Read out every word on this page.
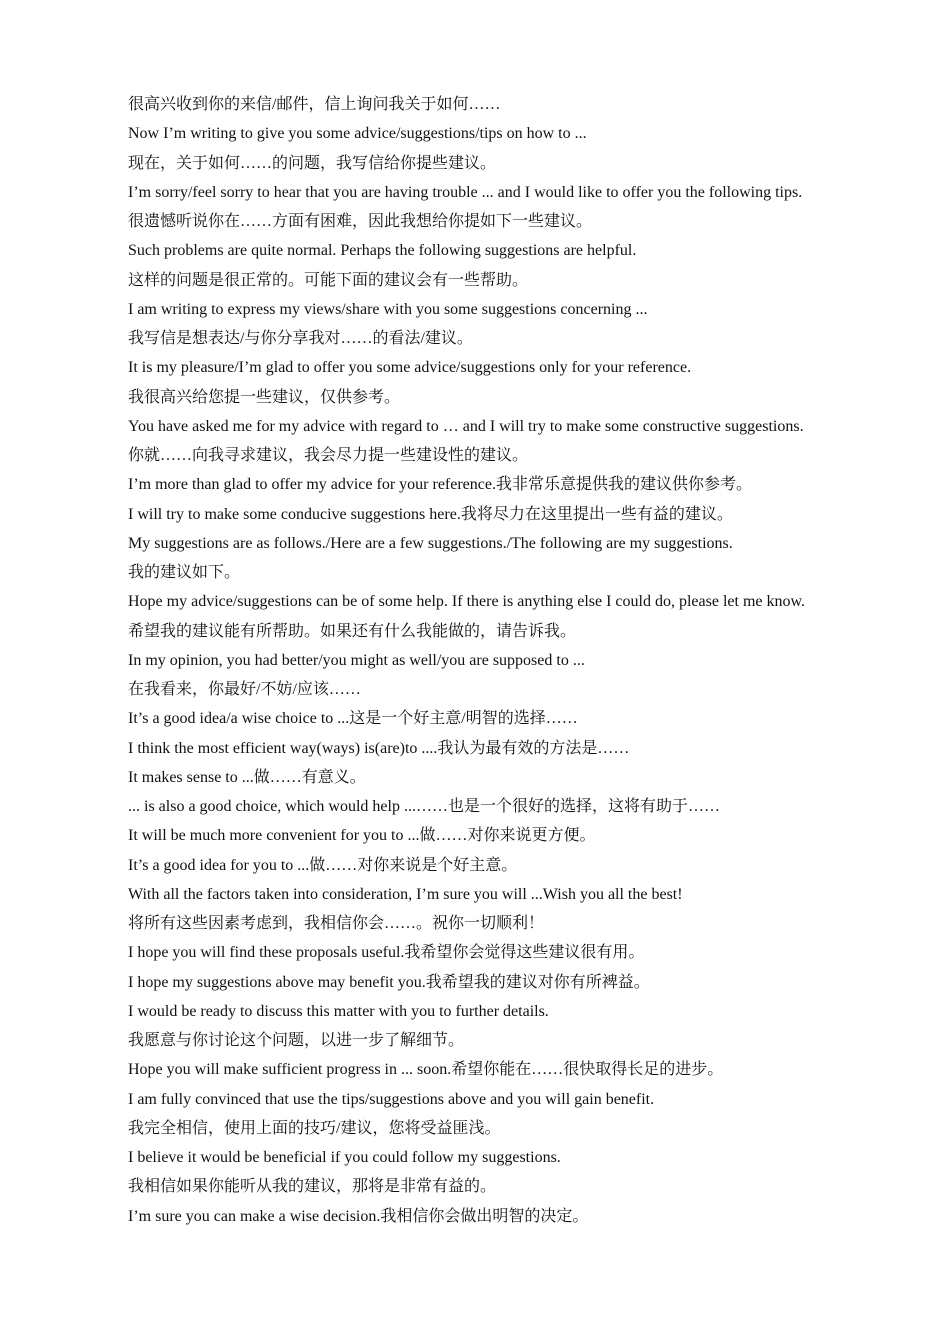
很高兴收到你的来信/邮件，信上询问我关于如何……
Now I’m writing to give you some advice/suggestions/tips on how to ...
现在，关于如何……的问题，我写信给你提些建议。
I’m sorry/feel sorry to hear that you are having trouble ... and I would like to offer you the following tips.
很遗憾听说你在……方面有困难，因此我想给你提如下一些建议。
Such problems are quite normal. Perhaps the following suggestions are helpful.
这样的问题是很正常的。可能下面的建议会有一些帮助。
I am writing to express my views/share with you some suggestions concerning ...
我写信是想表达/与你分享我对……的看法/建议。
It is my pleasure/I’m glad to offer you some advice/suggestions only for your reference.
我很高兴给您提一些建议，仅供参考。
You have asked me for my advice with regard to … and I will try to make some constructive suggestions.
你就……向我寻求建议，我会尽力提一些建设性的建议。
I’m more than glad to offer my advice for your reference.我非常乐意提供我的建议供你参考。
I will try to make some conducive suggestions here.我将尽力在这里提出一些有益的建议。
My suggestions are as follows./Here are a few suggestions./The following are my suggestions.
我的建议如下。
Hope my advice/suggestions can be of some help. If there is anything else I could do, please let me know.
希望我的建议能有所帮助。如果还有什么我能做的，请告诉我。
In my opinion, you had better/you might as well/you are supposed to ...
在我看来，你最好/不妨/应该……
It’s a good idea/a wise choice to ...这是一个好主意/明智的选择……
I think the most efficient way(ways) is(are)to ....我认为最有效的方法是……
It makes sense to ...做……有意义。
... is also a good choice, which would help ...……也是一个很好的选择，这将有助于……
It will be much more convenient for you to ...做……对你来说更方便。
It’s a good idea for you to ...做……对你来说是个好主意。
With all the factors taken into consideration, I’m sure you will ...Wish you all the best!
将所有这些因素考虑到，我相信你会……。祝你一切顺利！
I hope you will find these proposals useful.我希望你会觉得这些建议很有用。
I hope my suggestions above may benefit you.我希望我的建议对你有所裨益。
I would be ready to discuss this matter with you to further details.
我愿意与你讨论这个问题，以进一步了解细节。
Hope you will make sufficient progress in ... soon.希望你能在……很快取得长足的进步。
I am fully convinced that use the tips/suggestions above and you will gain benefit.
我完全相信，使用上面的技巧/建议，您将受益匪浅。
I believe it would be beneficial if you could follow my suggestions.
我相信如果你能听从我的建议，那将是非常有益的。
I’m sure you can make a wise decision.我相信你会做出明智的决定。
